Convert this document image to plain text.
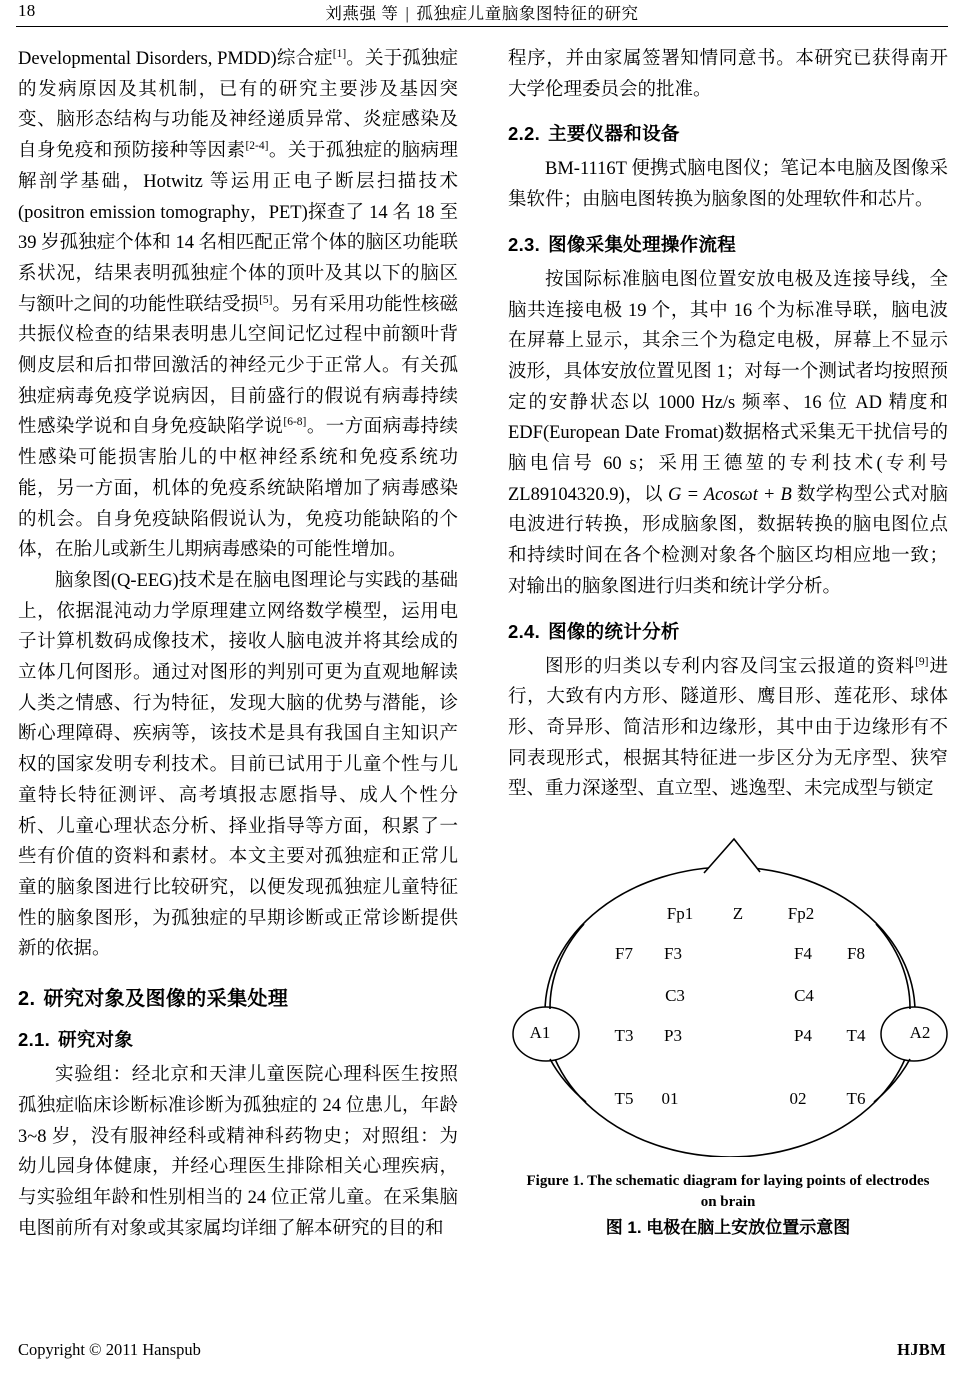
18	刘燕强 等 | 孤独症儿童脑象图特征的研究

Developmental Disorders, PMDD)综合症[1]。关于孤独症的发病原因及其机制，已有的研究主要涉及基因突变、脑形态结构与功能及神经递质异常、炎症感染及自身免疫和预防接种等因素[2-4]。关于孤独症的脑病理解剖学基础，Hotwitz 等运用正电子断层扫描技术(positron emission tomography，PET)探查了 14 名 18 至 39 岁孤独症个体和 14 名相匹配正常个体的脑区功能联系状况，结果表明孤独症个体的顶叶及其以下的脑区与额叶之间的功能性联结受损[5]。另有采用功能性核磁共振仪检查的结果表明患儿空间记忆过程中前额叶背侧皮层和后扣带回激活的神经元少于正常人。有关孤独症病毒免疫学说病因，目前盛行的假说有病毒持续性感染学说和自身免疫缺陷学说[6-8]。一方面病毒持续性感染可能损害胎儿的中枢神经系统和免疫系统功能，另一方面，机体的免疫系统缺陷增加了病毒感染的机会。自身免疫缺陷假说认为，免疫功能缺陷的个体，在胎儿或新生儿期病毒感染的可能性增加。

脑象图(Q-EEG)技术是在脑电图理论与实践的基础上，依据混沌动力学原理建立网络数学模型，运用电子计算机数码成像技术，接收人脑电波并将其绘成的立体几何图形。通过对图形的判别可更为直观地解读人类之情感、行为特征，发现大脑的优势与潜能，诊断心理障碍、疾病等，该技术是具有我国自主知识产权的国家发明专利技术。目前已试用于儿童个性与儿童特长特征测评、高考填报志愿指导、成人个性分析、儿童心理状态分析、择业指导等方面，积累了一些有价值的资料和素材。本文主要对孤独症和正常儿童的脑象图进行比较研究，以便发现孤独症儿童特征性的脑象图形，为孤独症的早期诊断或正常诊断提供新的依据。

2. 研究对象及图像的采集处理
2.1. 研究对象

实验组：经北京和天津儿童医院心理科医生按照孤独症临床诊断标准诊断为孤独症的 24 位患儿，年龄 3~8 岁，没有服神经科或精神科药物史；对照组：为幼儿园身体健康，并经心理医生排除相关心理疾病，与实验组年龄和性别相当的 24 位正常儿童。在采集脑电图前所有对象或其家属均详细了解本研究的目的和

程序，并由家属签署知情同意书。本研究已获得南开大学伦理委员会的批准。

2.2. 主要仪器和设备

BM-1116T 便携式脑电图仪；笔记本电脑及图像采集软件；由脑电图转换为脑象图的处理软件和芯片。

2.3. 图像采集处理操作流程

按国际标准脑电图位置安放电极及连接导线，全脑共连接电极 19 个，其中 16 个为标准导联，脑电波在屏幕上显示，其余三个为稳定电极，屏幕上不显示波形，具体安放位置见图 1；对每一个测试者均按照预定的安静状态以 1000 Hz/s 频率、16 位 AD 精度和 EDF(European Date Fromat)数据格式采集无干扰信号的脑电信号 60 s；采用王德堃的专利技术(专利号 ZL89104320.9)，以 G = Acosωt + B 数学构型公式对脑电波进行转换，形成脑象图，数据转换的脑电图位点和持续时间在各个检测对象各个脑区均相应地一致；对输出的脑象图进行归类和统计学分析。

2.4. 图像的统计分析

图形的归类以专利内容及闫宝云报道的资料[9]进行，大致有内方形、隧道形、鹰目形、莲花形、球体形、奇异形、简洁形和边缘形，其中由于边缘形有不同表现形式，根据其特征进一步区分为无序型、狭窄型、重力深遂型、直立型、逃逸型、未完成型与锁定

Fp1 Z	Fp2
F7 F3	F4 F8
C3	C4
T3 P3	P4 T4
T5 01	02 T6
A1	A2
Figure 1. The schematic diagram for laying points of electrodes
on brain
图 1. 电极在脑上安放位置示意图
Copyright © 2011 Hanspub	HJBM
